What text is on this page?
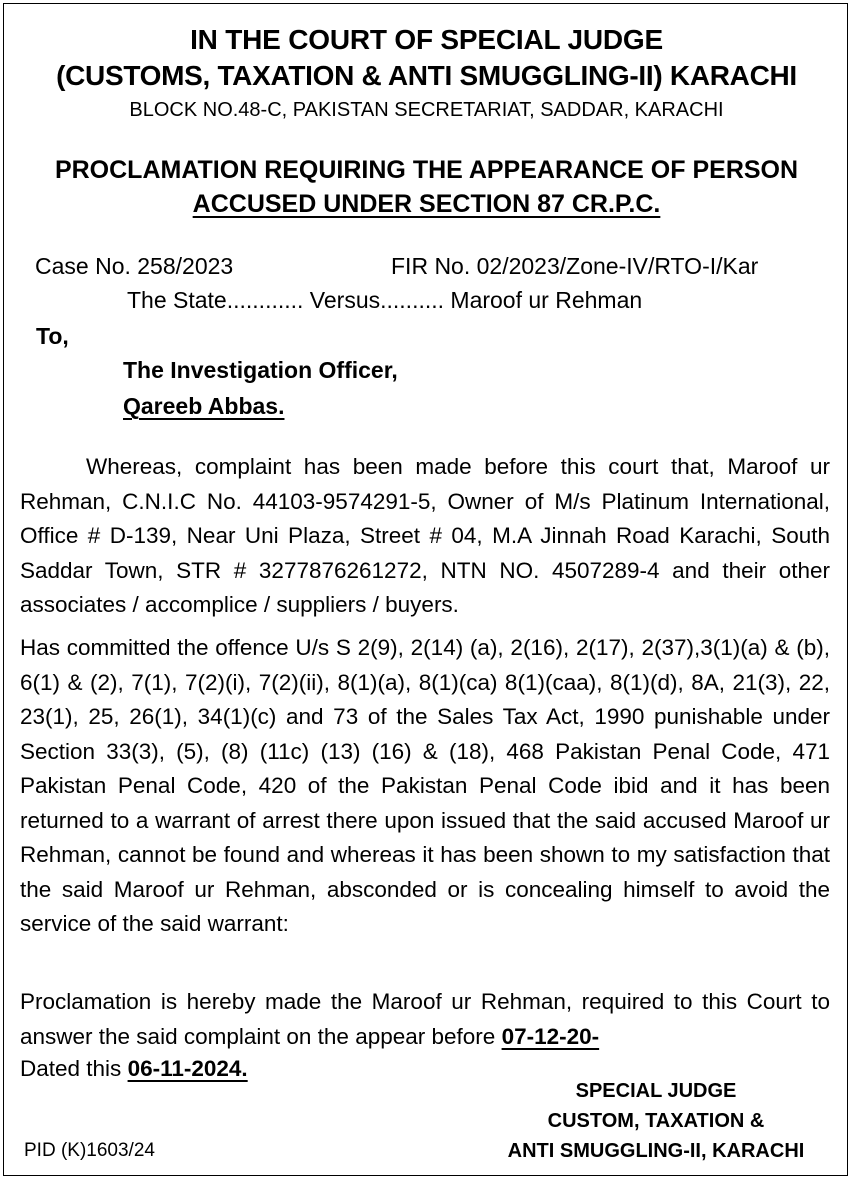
IN THE COURT OF SPECIAL JUDGE
(CUSTOMS, TAXATION & ANTI SMUGGLING-II) KARACHI
BLOCK NO.48-C, PAKISTAN SECRETARIAT, SADDAR, KARACHI
PROCLAMATION REQUIRING THE APPEARANCE OF PERSON
ACCUSED UNDER SECTION 87 CR.P.C.
Case No. 258/2023	FIR No. 02/2023/Zone-IV/RTO-I/Kar
The State............ Versus.......... Maroof ur Rehman
To,
The Investigation Officer,
Qareeb Abbas.
Whereas, complaint has been made before this court that, Maroof ur Rehman, C.N.I.C No. 44103-9574291-5, Owner of M/s Platinum International, Office # D-139, Near Uni Plaza, Street # 04, M.A Jinnah Road Karachi, South Saddar Town, STR # 3277876261272, NTN NO. 4507289-4 and their other associates / accomplice / suppliers / buyers.
Has committed the offence U/s S 2(9), 2(14) (a), 2(16), 2(17), 2(37),3(1)(a) & (b), 6(1) & (2), 7(1), 7(2)(i), 7(2)(ii), 8(1)(a), 8(1)(ca) 8(1)(caa), 8(1)(d), 8A, 21(3), 22, 23(1), 25, 26(1), 34(1)(c) and 73 of the Sales Tax Act, 1990 punishable under Section 33(3), (5), (8) (11c) (13) (16) & (18), 468 Pakistan Penal Code, 471 Pakistan Penal Code, 420 of the Pakistan Penal Code ibid and it has been returned to a warrant of arrest there upon issued that the said accused Maroof ur Rehman, cannot be found and whereas it has been shown to my satisfaction that the said Maroof ur Rehman, absconded or is concealing himself to avoid the service of the said warrant:
Proclamation is hereby made the Maroof ur Rehman, required to this Court to answer the said complaint on the appear before 07-12-20-
Dated this 06-11-2024.
SPECIAL JUDGE
CUSTOM, TAXATION &
ANTI SMUGGLING-II, KARACHI
PID (K)1603/24
